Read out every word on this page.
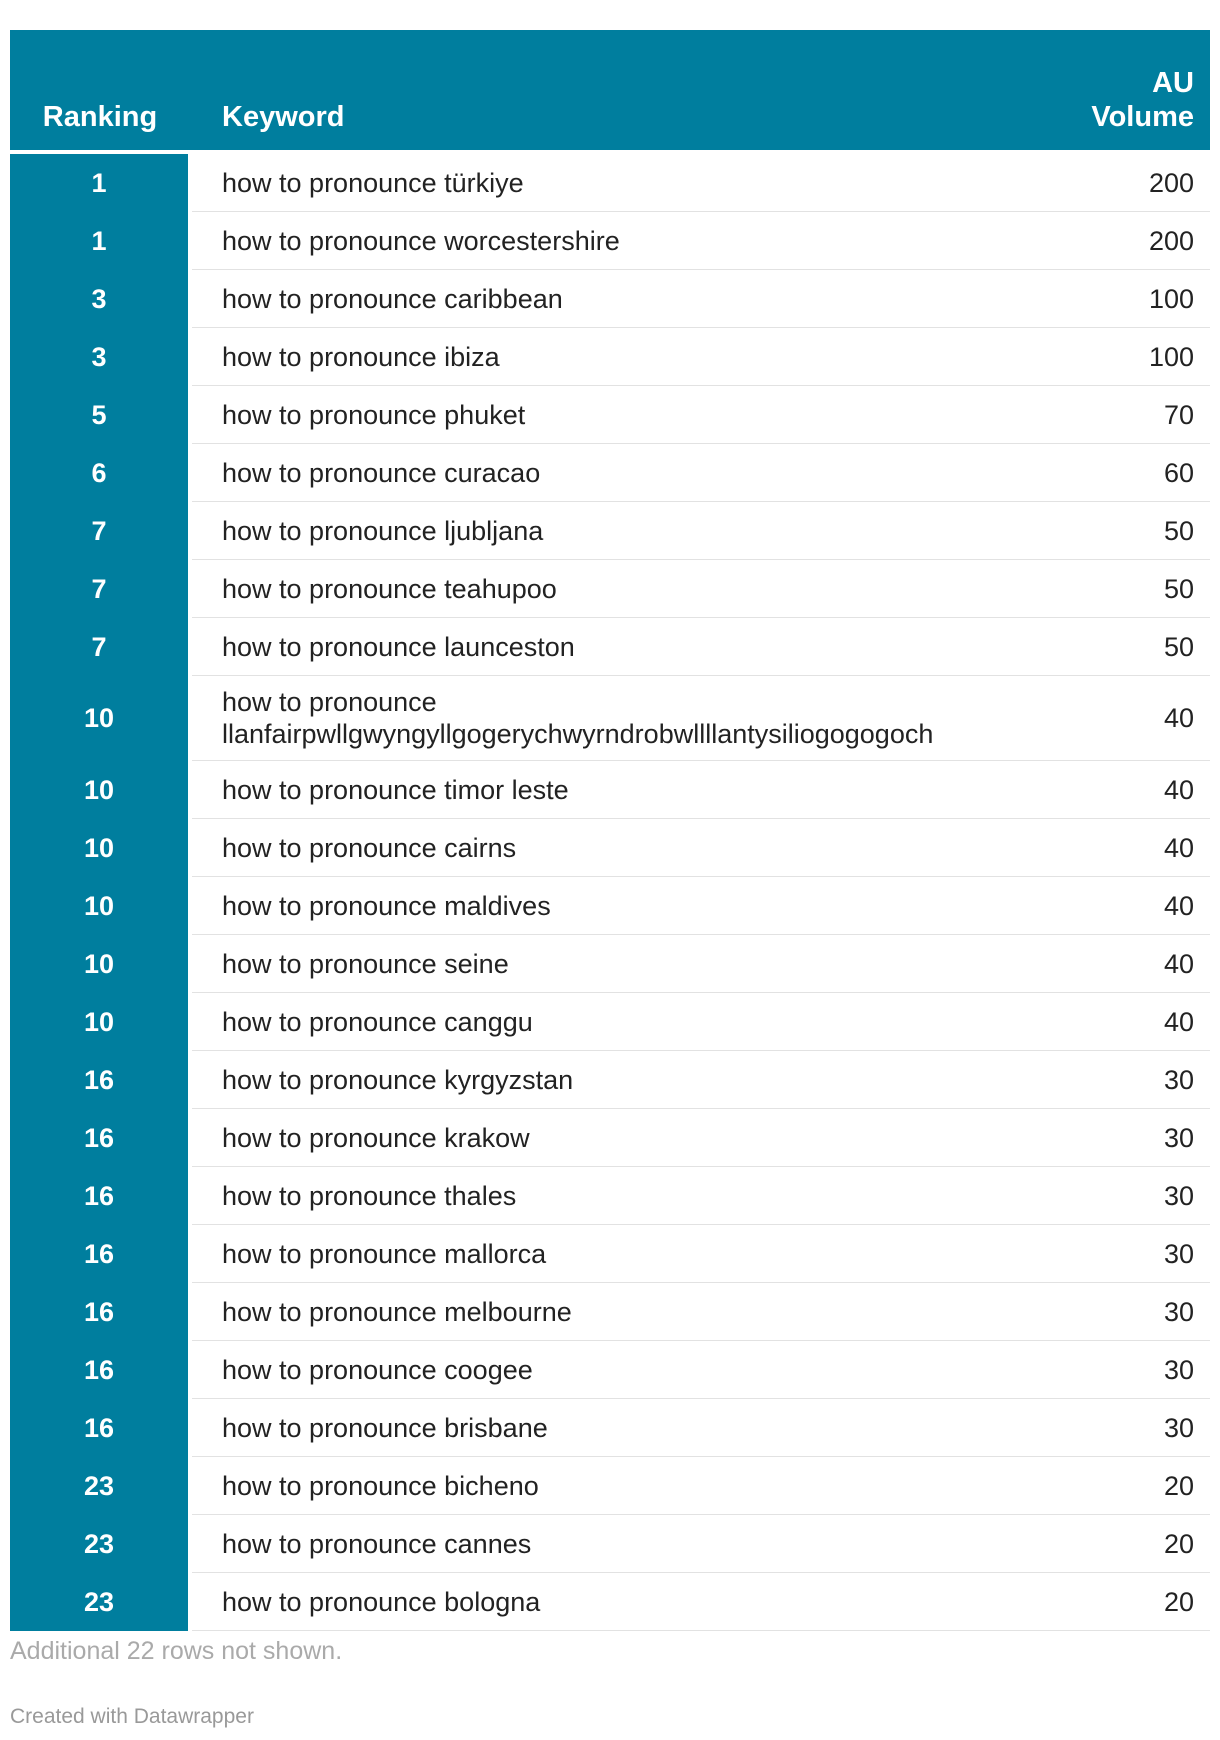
Ranking	Keyword	AU
Volume
1	how to pronounce türkiye	200
1	how to pronounce worcestershire	200
3	how to pronounce caribbean	100
3	how to pronounce ibiza	100
5	how to pronounce phuket	70
6	how to pronounce curacao	60
7	how to pronounce ljubljana	50
7	how to pronounce teahupoo	50
7	how to pronounce launceston	50
10	how to pronounce
llanfairpwllgwyngyllgogerychwyrndrobwllllantysiliogogogoch	40
10	how to pronounce timor leste	40
10	how to pronounce cairns	40
10	how to pronounce maldives	40
10	how to pronounce seine	40
10	how to pronounce canggu	40
16	how to pronounce kyrgyzstan	30
16	how to pronounce krakow	30
16	how to pronounce thales	30
16	how to pronounce mallorca	30
16	how to pronounce melbourne	30
16	how to pronounce coogee	30
16	how to pronounce brisbane	30
23	how to pronounce bicheno	20
23	how to pronounce cannes	20
23	how to pronounce bologna	20
Additional 22 rows not shown.
Created with Datawrapper
